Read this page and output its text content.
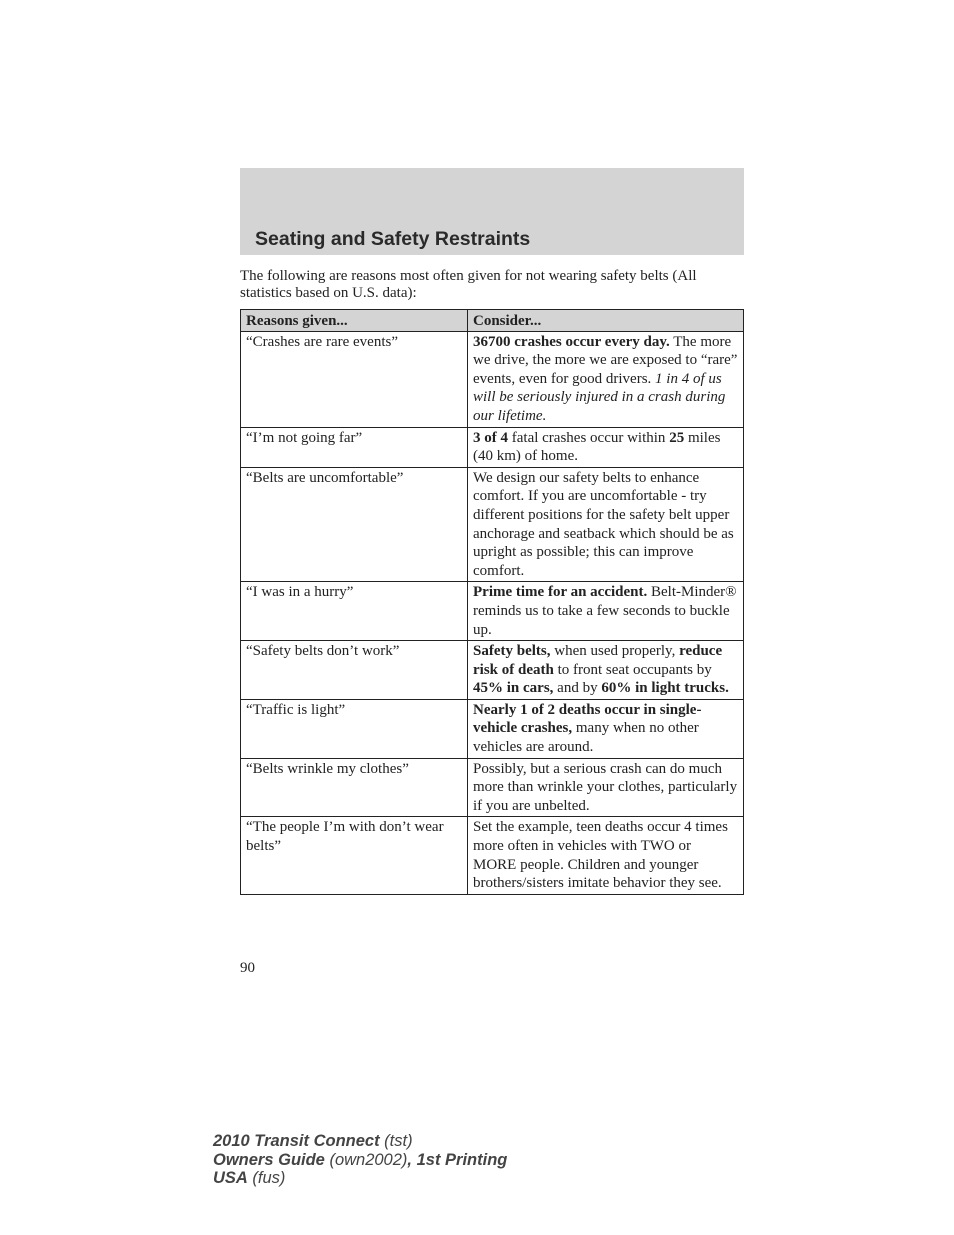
Seating and Safety Restraints

The following are reasons most often given for not wearing safety belts (All statistics based on U.S. data):

Reasons given...	Consider...
“Crashes are rare events”	36700 crashes occur every day. The more we drive, the more we are exposed to “rare” events, even for good drivers. 1 in 4 of us will be seriously injured in a crash during our lifetime.
“I’m not going far”	3 of 4 fatal crashes occur within 25 miles (40 km) of home.
“Belts are uncomfortable”	We design our safety belts to enhance comfort. If you are uncomfortable - try different positions for the safety belt upper anchorage and seatback which should be as upright as possible; this can improve comfort.
“I was in a hurry”	Prime time for an accident. Belt-Minder® reminds us to take a few seconds to buckle up.
“Safety belts don’t work”	Safety belts, when used properly, reduce risk of death to front seat occupants by 45% in cars, and by 60% in light trucks.
“Traffic is light”	Nearly 1 of 2 deaths occur in single-vehicle crashes, many when no other vehicles are around.
“Belts wrinkle my clothes”	Possibly, but a serious crash can do much more than wrinkle your clothes, particularly if you are unbelted.
“The people I’m with don’t wear belts”	Set the example, teen deaths occur 4 times more often in vehicles with TWO or MORE people. Children and younger brothers/sisters imitate behavior they see.
90
2010 Transit Connect (tst)
Owners Guide (own2002), 1st Printing
USA (fus)
